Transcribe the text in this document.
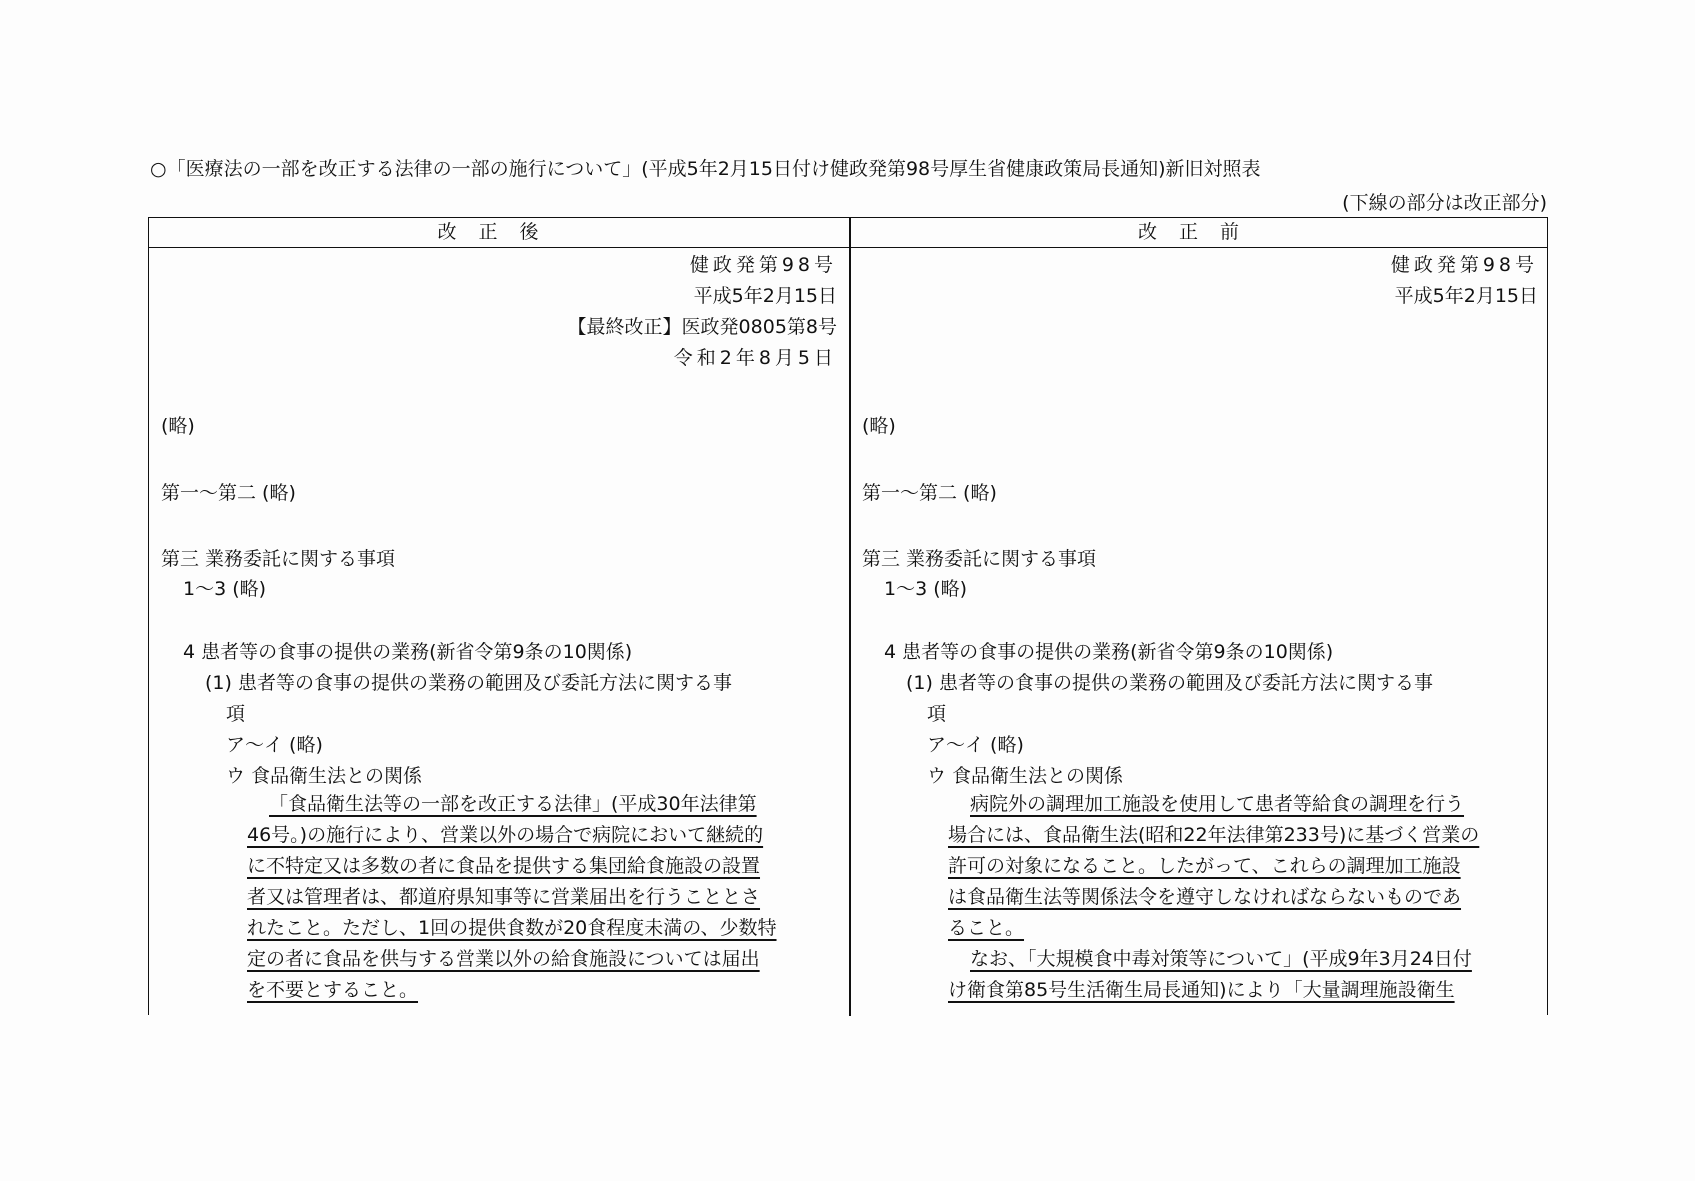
○「医療法の一部を改正する法律の一部の施行について」(平成5年2月15日付け健政発第98号厚生省健康政策局長通知)新旧対照表
(下線の部分は改正部分)
改正後	改正前
健政発第98号
平成5年2月15日
【最終改正】医政発0805第8号
令和2年8月5日
(略)
第一〜第二 (略)
第三 業務委託に関する事項
1〜3 (略)
4 患者等の食事の提供の業務(新省令第9条の10関係)
(1) 患者等の食事の提供の業務の範囲及び委託方法に関する事
項
ア〜イ (略)
ウ 食品衛生法との関係
「食品衛生法等の一部を改正する法律」(平成30年法律第
46号。)の施行により、営業以外の場合で病院において継続的
に不特定又は多数の者に食品を提供する集団給食施設の設置
者又は管理者は、都道府県知事等に営業届出を行うこととさ
れたこと。ただし、1回の提供食数が20食程度未満の、少数特
定の者に食品を供与する営業以外の給食施設については届出
を不要とすること。
健政発第98号
平成5年2月15日
(略)
第一〜第二 (略)
第三 業務委託に関する事項
1〜3 (略)
4 患者等の食事の提供の業務(新省令第9条の10関係)
(1) 患者等の食事の提供の業務の範囲及び委託方法に関する事
項
ア〜イ (略)
ウ 食品衛生法との関係
病院外の調理加工施設を使用して患者等給食の調理を行う
場合には、食品衛生法(昭和22年法律第233号)に基づく営業の
許可の対象になること。したがって、これらの調理加工施設
は食品衛生法等関係法令を遵守しなければならないものであ
ること。
なお、「大規模食中毒対策等について」(平成9年3月24日付
け衛食第85号生活衛生局長通知)により「大量調理施設衛生
